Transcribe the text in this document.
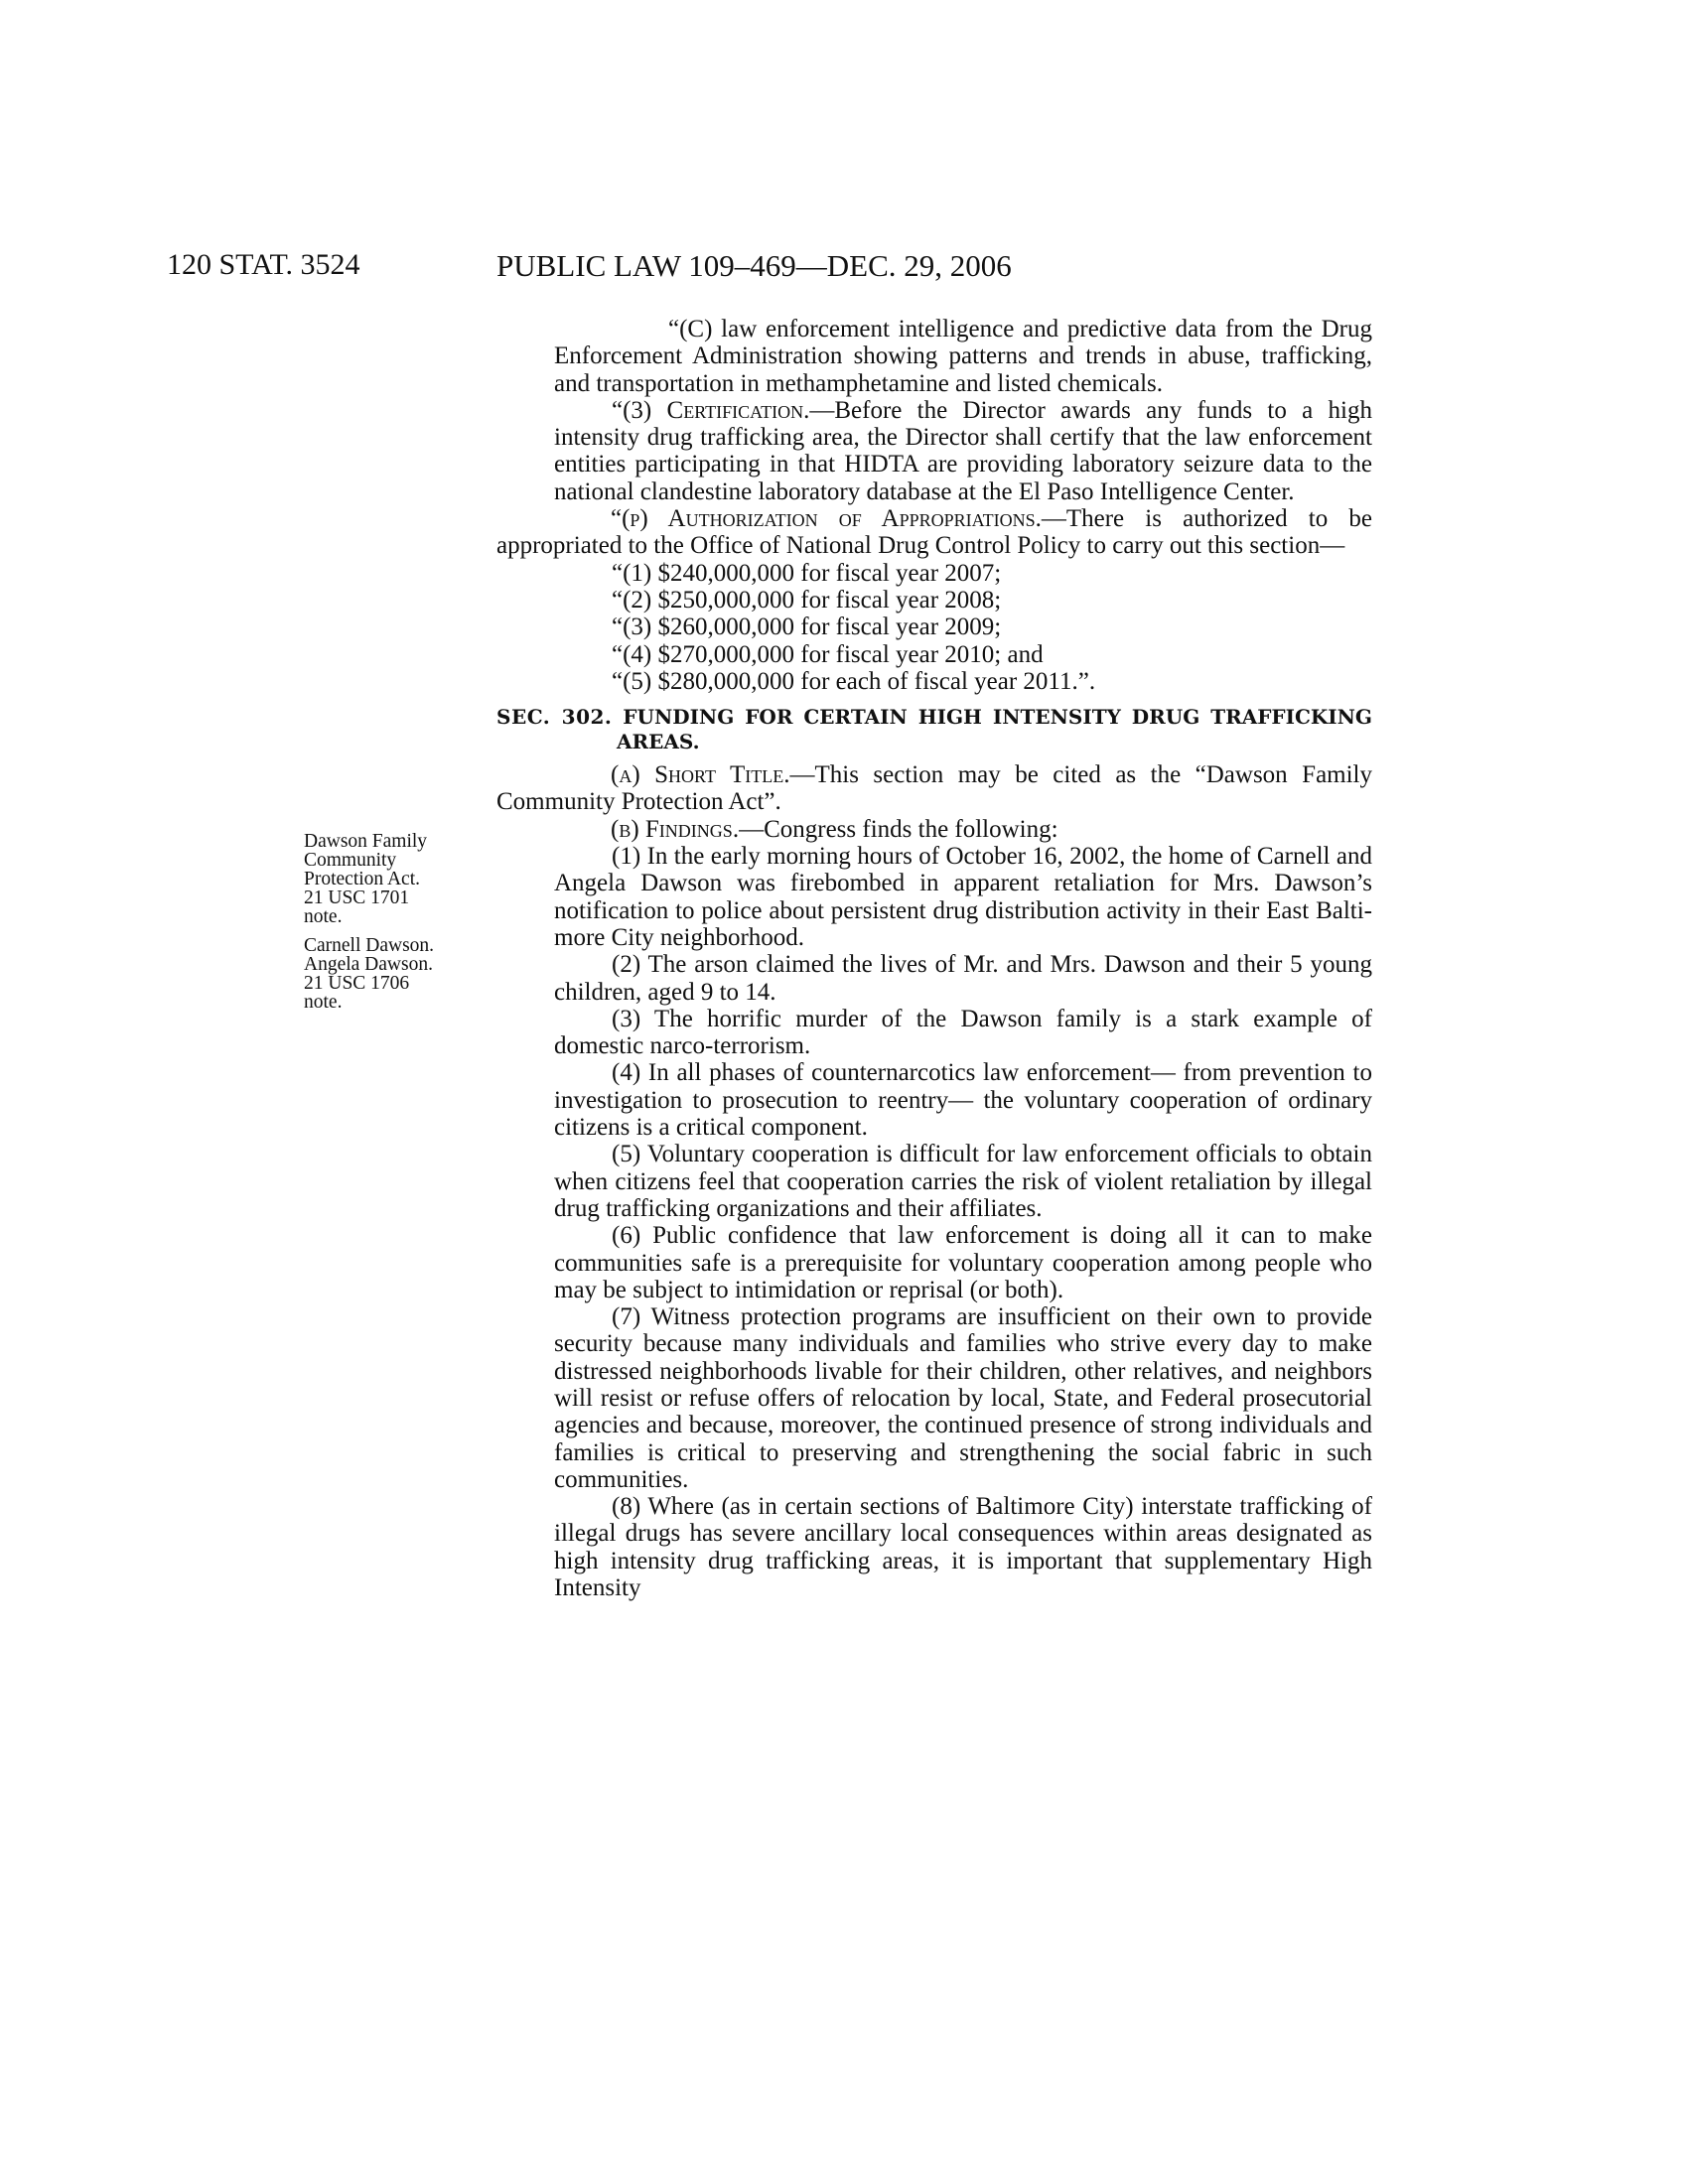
120 STAT. 3524	PUBLIC LAW 109–469—DEC. 29, 2006

Dawson Family
Community
Protection Act.
21 USC 1701
note.

Carnell Dawson.
Angela Dawson.
21 USC 1706
note.

“(C) law enforcement intelligence and predictive data from the Drug Enforcement Administration showing patterns and trends in abuse, trafficking, and transportation in methamphetamine and listed chemicals.

“(3) Certification.—Before the Director awards any funds to a high intensity drug trafficking area, the Director shall certify that the law enforcement entities participating in that HIDTA are providing laboratory seizure data to the national clandestine laboratory database at the El Paso Intelligence Center.

“(p) Authorization of Appropriations.—There is authorized to be appropriated to the Office of National Drug Control Policy to carry out this section—

“(1) $240,000,000 for fiscal year 2007;

“(2) $250,000,000 for fiscal year 2008;

“(3) $260,000,000 for fiscal year 2009;

“(4) $270,000,000 for fiscal year 2010; and

“(5) $280,000,000 for each of fiscal year 2011.”.

SEC. 302. FUNDING FOR CERTAIN HIGH INTENSITY DRUG TRAFFICKING AREAS.

(a) Short Title.—This section may be cited as the “Dawson Family Community Protection Act”.

(b) Findings.—Congress finds the following:

(1) In the early morning hours of October 16, 2002, the home of Carnell and Angela Dawson was firebombed in apparent retaliation for Mrs. Dawson’s notification to police about persistent drug distribution activity in their East Baltimore City neighborhood.

(2) The arson claimed the lives of Mr. and Mrs. Dawson and their 5 young children, aged 9 to 14.

(3) The horrific murder of the Dawson family is a stark example of domestic narco-terrorism.

(4) In all phases of counternarcotics law enforcement— from prevention to investigation to prosecution to reentry— the voluntary cooperation of ordinary citizens is a critical component.

(5) Voluntary cooperation is difficult for law enforcement officials to obtain when citizens feel that cooperation carries the risk of violent retaliation by illegal drug trafficking organizations and their affiliates.

(6) Public confidence that law enforcement is doing all it can to make communities safe is a prerequisite for voluntary cooperation among people who may be subject to intimidation or reprisal (or both).

(7) Witness protection programs are insufficient on their own to provide security because many individuals and families who strive every day to make distressed neighborhoods livable for their children, other relatives, and neighbors will resist or refuse offers of relocation by local, State, and Federal prosecutorial agencies and because, moreover, the continued presence of strong individuals and families is critical to preserving and strengthening the social fabric in such communities.

(8) Where (as in certain sections of Baltimore City) interstate trafficking of illegal drugs has severe ancillary local consequences within areas designated as high intensity drug trafficking areas, it is important that supplementary High Intensity
